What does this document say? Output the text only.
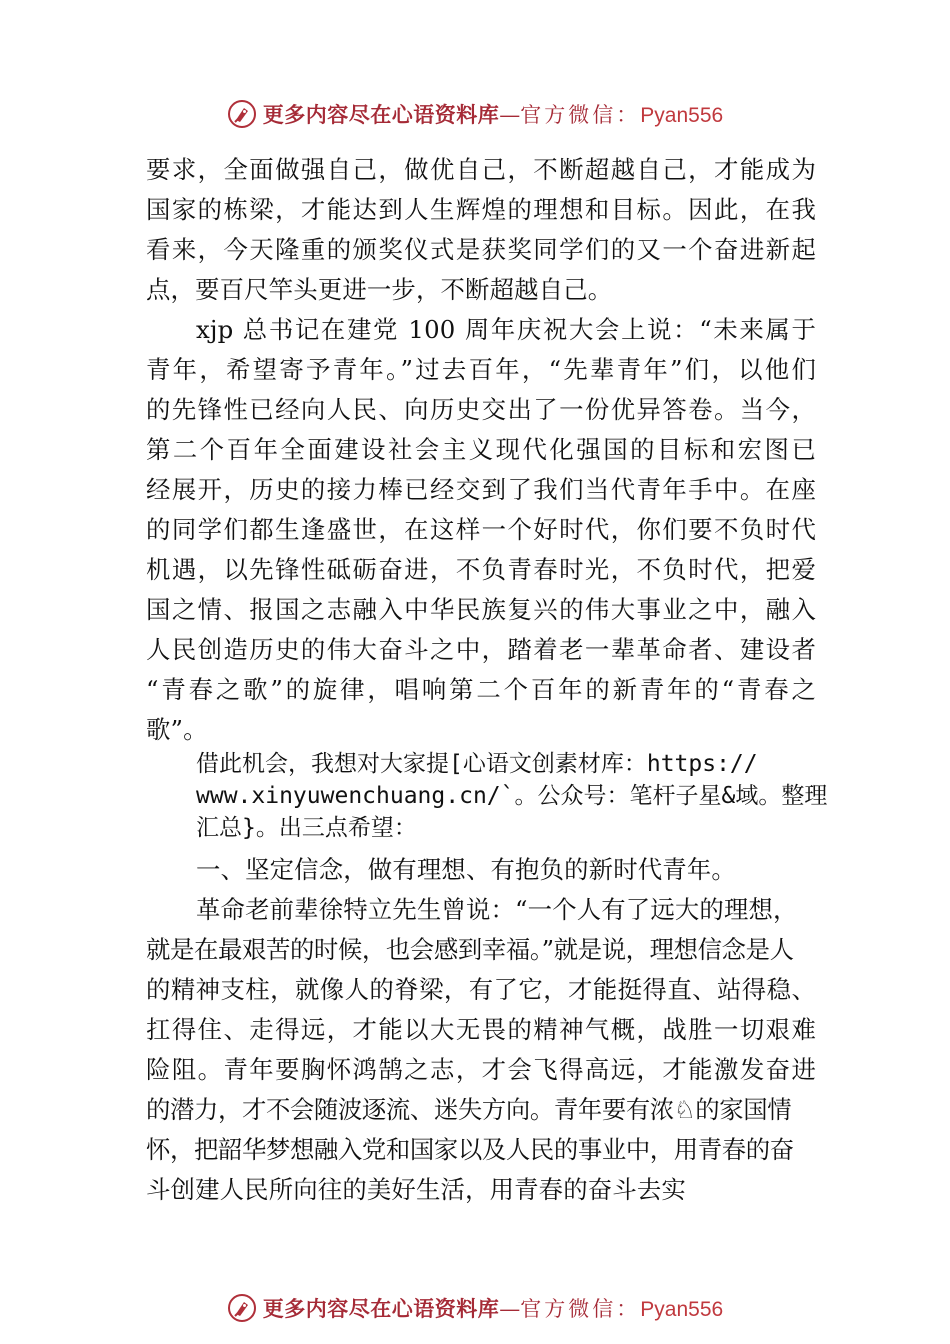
更多内容尽在心语资料库—官方微信：Pyan556
要求，全面做强自己，做优自己，不断超越自己，才能成为
国家的栋梁，才能达到人生辉煌的理想和目标。因此，在我
看来，今天隆重的颁奖仪式是获奖同学们的又一个奋进新起
点，要百尺竿头更进一步，不断超越自己。
xjp 总书记在建党 100 周年庆祝大会上说：“未来属于
青年，希望寄予青年。”过去百年，“先辈青年”们，以他们
的先锋性已经向人民、向历史交出了一份优异答卷。当今，
第二个百年全面建设社会主义现代化强国的目标和宏图已
经展开，历史的接力棒已经交到了我们当代青年手中。在座
的同学们都生逢盛世，在这样一个好时代，你们要不负时代
机遇，以先锋性砥砺奋进，不负青春时光，不负时代，把爱
国之情、报国之志融入中华民族复兴的伟大事业之中，融入
人民创造历史的伟大奋斗之中，踏着老一辈革命者、建设者
“青春之歌”的旋律，唱响第二个百年的新青年的“青春之
歌”。
借此机会，我想对大家提[心语文创素材库：https://
www.xinyuwenchuang.cn/`。公众号：笔杆子星&域。整理
汇总}。出三点希望：
一、坚定信念，做有理想、有抱负的新时代青年。
革命老前辈徐特立先生曾说：“一个人有了远大的理想，
就是在最艰苦的时候，也会感到幸福。”就是说，理想信念是人
的精神支柱，就像人的脊梁，有了它，才能挺得直、站得稳、
扛得住、走得远，才能以大无畏的精神气概，战胜一切艰难
险阻。青年要胸怀鸿鹄之志，才会飞得高远，才能激发奋进
的潜力，才不会随波逐流、迷失方向。青年要有浓♘的家国情
怀，把韶华梦想融入党和国家以及人民的事业中，用青春的奋
斗创建人民所向往的美好生活，用青春的奋斗去实
更多内容尽在心语资料库—官方微信：Pyan556
